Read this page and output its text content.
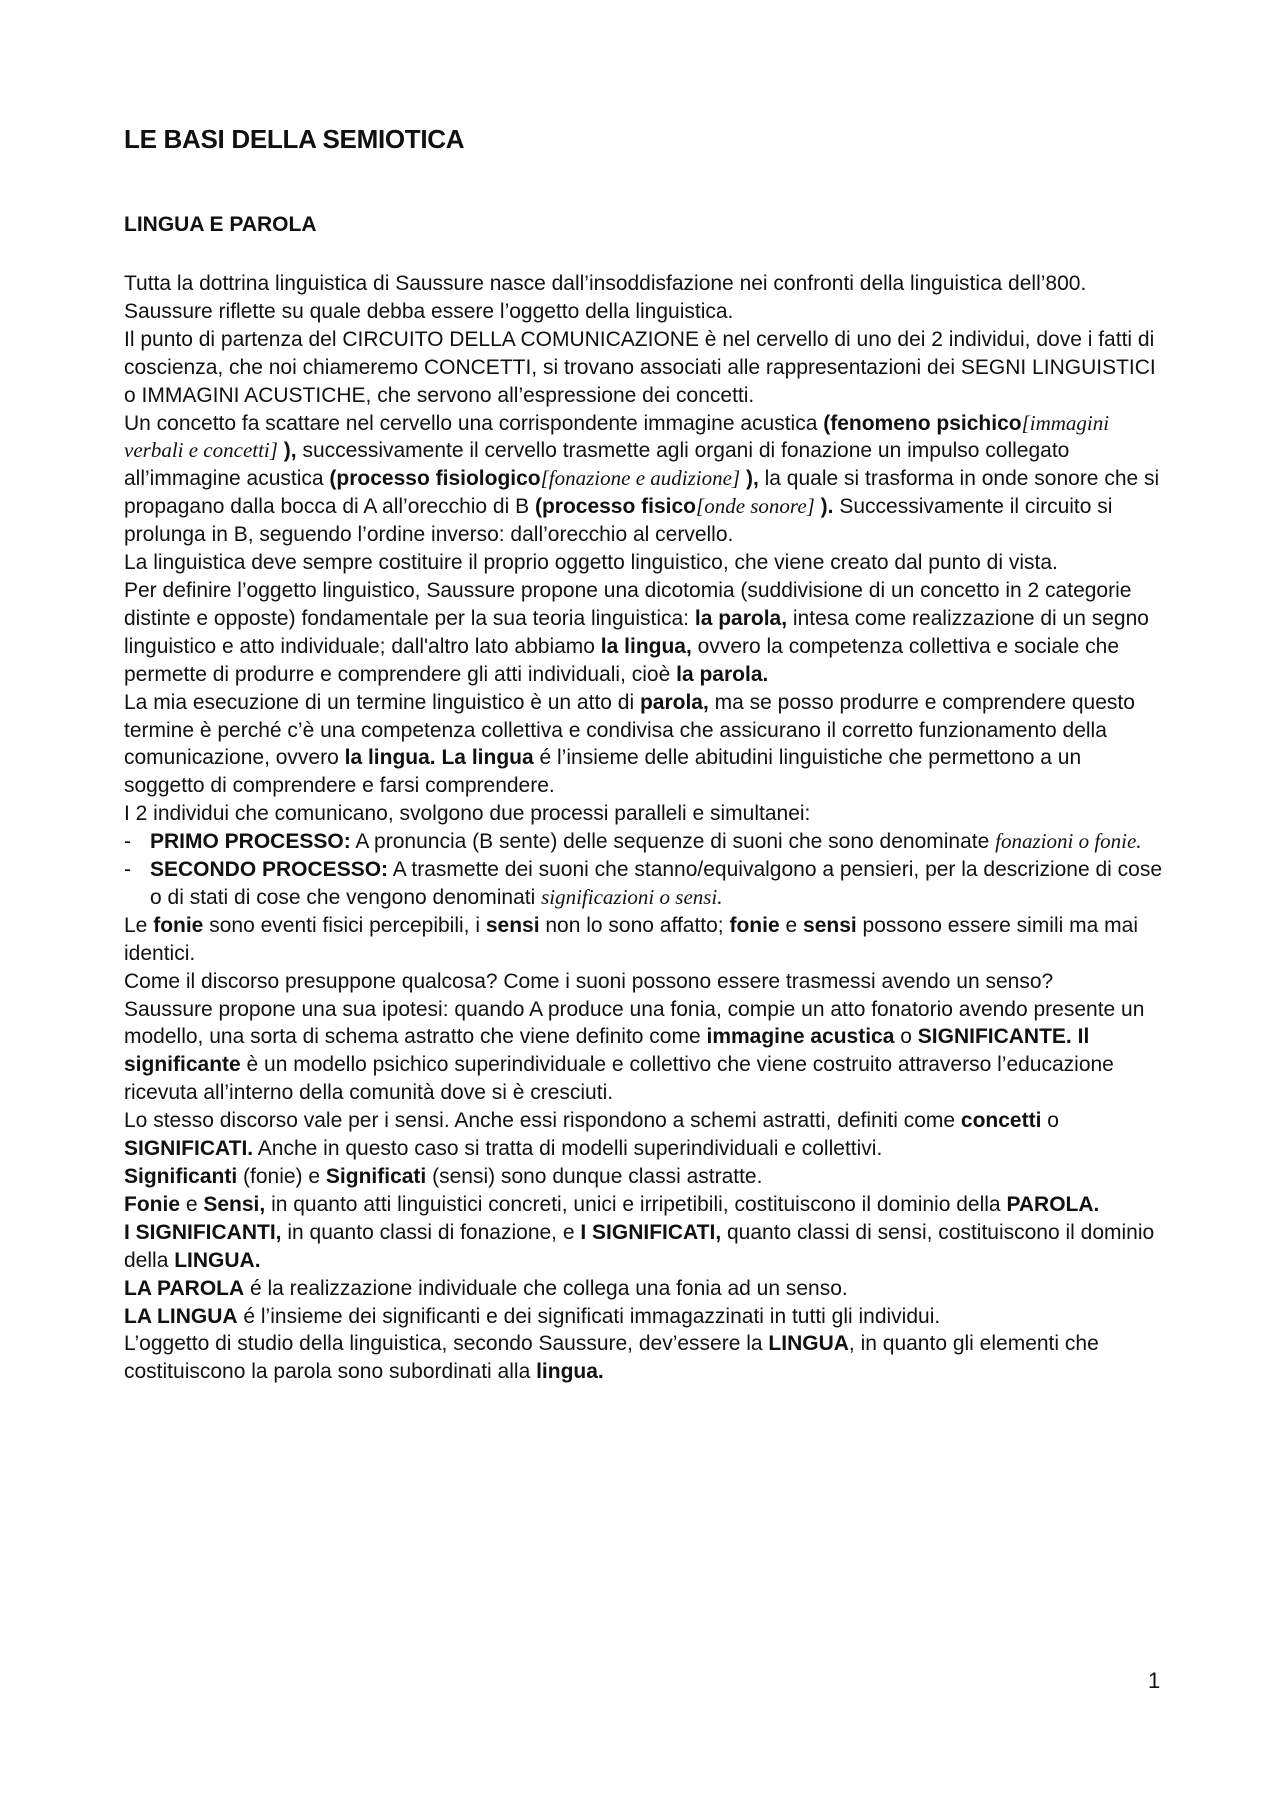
LE BASI DELLA SEMIOTICA
LINGUA E PAROLA

Tutta la dottrina linguistica di Saussure nasce dall’insoddisfazione nei confronti della linguistica dell’800.

Saussure riflette su quale debba essere l’oggetto della linguistica.

Il punto di partenza del CIRCUITO DELLA COMUNICAZIONE è nel cervello di uno dei 2 individui, dove i fatti di coscienza, che noi chiameremo CONCETTI, si trovano associati alle rappresentazioni dei SEGNI LINGUISTICI o IMMAGINI ACUSTICHE, che servono all’espressione dei concetti.

Un concetto fa scattare nel cervello una corrispondente immagine acustica (fenomeno psichico[immagini verbali e concetti] ), successivamente il cervello trasmette agli organi di fonazione un impulso collegato all’immagine acustica (processo fisiologico[fonazione e audizione] ), la quale si trasforma in onde sonore che si propagano dalla bocca di A all’orecchio di B (processo fisico[onde sonore] ). Successivamente il circuito si prolunga in B, seguendo l’ordine inverso: dall’orecchio al cervello.

La linguistica deve sempre costituire il proprio oggetto linguistico, che viene creato dal punto di vista.

Per definire l’oggetto linguistico, Saussure propone una dicotomia (suddivisione di un concetto in 2 categorie distinte e opposte) fondamentale per la sua teoria linguistica: la parola, intesa come realizzazione di un segno linguistico e atto individuale; dall'altro lato abbiamo la lingua, ovvero la competenza collettiva e sociale che permette di produrre e comprendere gli atti individuali, cioè la parola.

La mia esecuzione di un termine linguistico è un atto di parola, ma se posso produrre e comprendere questo termine è perché c’è una competenza collettiva e condivisa che assicurano il corretto funzionamento della comunicazione, ovvero la lingua. La lingua é l’insieme delle abitudini linguistiche che permettono a un soggetto di comprendere e farsi comprendere.

I 2 individui che comunicano, svolgono due processi paralleli e simultanei:

- PRIMO PROCESSO: A pronuncia (B sente) delle sequenze di suoni che sono denominate fonazioni o fonie.
- SECONDO PROCESSO: A trasmette dei suoni che stanno/equivalgono a pensieri, per la descrizione di cose o di stati di cose che vengono denominati significazioni o sensi.

Le fonie sono eventi fisici percepibili, i sensi non lo sono affatto; fonie e sensi possono essere simili ma mai identici.

Come il discorso presuppone qualcosa? Come i suoni possono essere trasmessi avendo un senso?

Saussure propone una sua ipotesi: quando A produce una fonia, compie un atto fonatorio avendo presente un modello, una sorta di schema astratto che viene definito come immagine acustica o SIGNIFICANTE. Il significante è un modello psichico superindividuale e collettivo che viene costruito attraverso l’educazione ricevuta all’interno della comunità dove si è cresciuti.

Lo stesso discorso vale per i sensi. Anche essi rispondono a schemi astratti, definiti come concetti o SIGNIFICATI. Anche in questo caso si tratta di modelli superindividuali e collettivi.

Significanti (fonie) e Significati (sensi) sono dunque classi astratte.

Fonie e Sensi, in quanto atti linguistici concreti, unici e irripetibili, costituiscono il dominio della PAROLA.

I SIGNIFICANTI, in quanto classi di fonazione, e I SIGNIFICATI, quanto classi di sensi, costituiscono il dominio della LINGUA.

LA PAROLA é la realizzazione individuale che collega una fonia ad un senso.

LA LINGUA é l’insieme dei significanti e dei significati immagazzinati in tutti gli individui.

L’oggetto di studio della linguistica, secondo Saussure, dev’essere la LINGUA, in quanto gli elementi che costituiscono la parola sono subordinati alla lingua.

1
